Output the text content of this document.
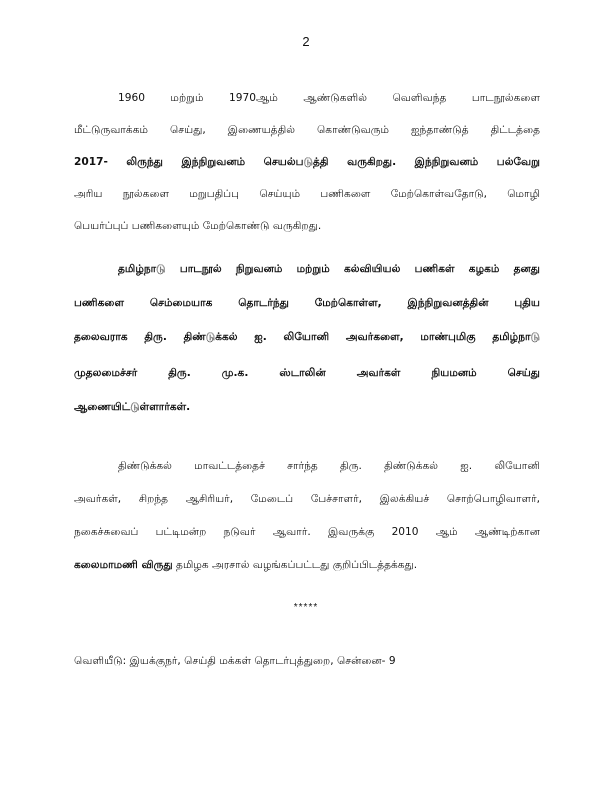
2
1960 மற்றும் 1970ஆம் ஆண்டுகளில் வெளிவந்த பாடநூல்களை
மீட்டுருவாக்கம் செய்து, இணையத்தில் கொண்டுவரும் ஐந்தாண்டுத் திட்டத்தை
2017- லிருந்து இந்நிறுவனம் செயல்படுத்தி வருகிறது. இந்நிறுவனம் பல்வேறு
அரிய நூல்களை மறுபதிப்பு செய்யும் பணிகளை மேற்கொள்வதோடு, மொழி
பெயர்ப்புப் பணிகளையும் மேற்கொண்டு வருகிறது.
தமிழ்நாடு பாடநூல் நிறுவனம் மற்றும் கல்வியியல் பணிகள் கழகம் தனது
பணிகளை செம்மையாக தொடர்ந்து மேற்கொள்ள, இந்நிறுவனத்தின் புதிய
தலைவராக திரு. திண்டுக்கல் ஐ. லியோனி அவர்களை, மாண்புமிகு தமிழ்நாடு
முதலமைச்சர் திரு. மு.க. ஸ்டாலின் அவர்கள் நியமனம் செய்து
ஆணையிட்டுள்ளார்கள்.
திண்டுக்கல் மாவட்டத்தைச் சார்ந்த திரு. திண்டுக்கல் ஐ. லியோனி
அவர்கள், சிறந்த ஆசிரியர், மேடைப் பேச்சாளர், இலக்கியச் சொற்பொழிவாளர்,
நகைச்சுவைப் பட்டிமன்ற நடுவர் ஆவார். இவருக்கு 2010 ஆம் ஆண்டிற்கான
கலைமாமணி விருது தமிழக அரசால் வழங்கப்பட்டது குறிப்பிடத்தக்கது.
*****
வெளியீடு: இயக்குநர், செய்தி மக்கள் தொடர்புத்துறை, சென்னை- 9
